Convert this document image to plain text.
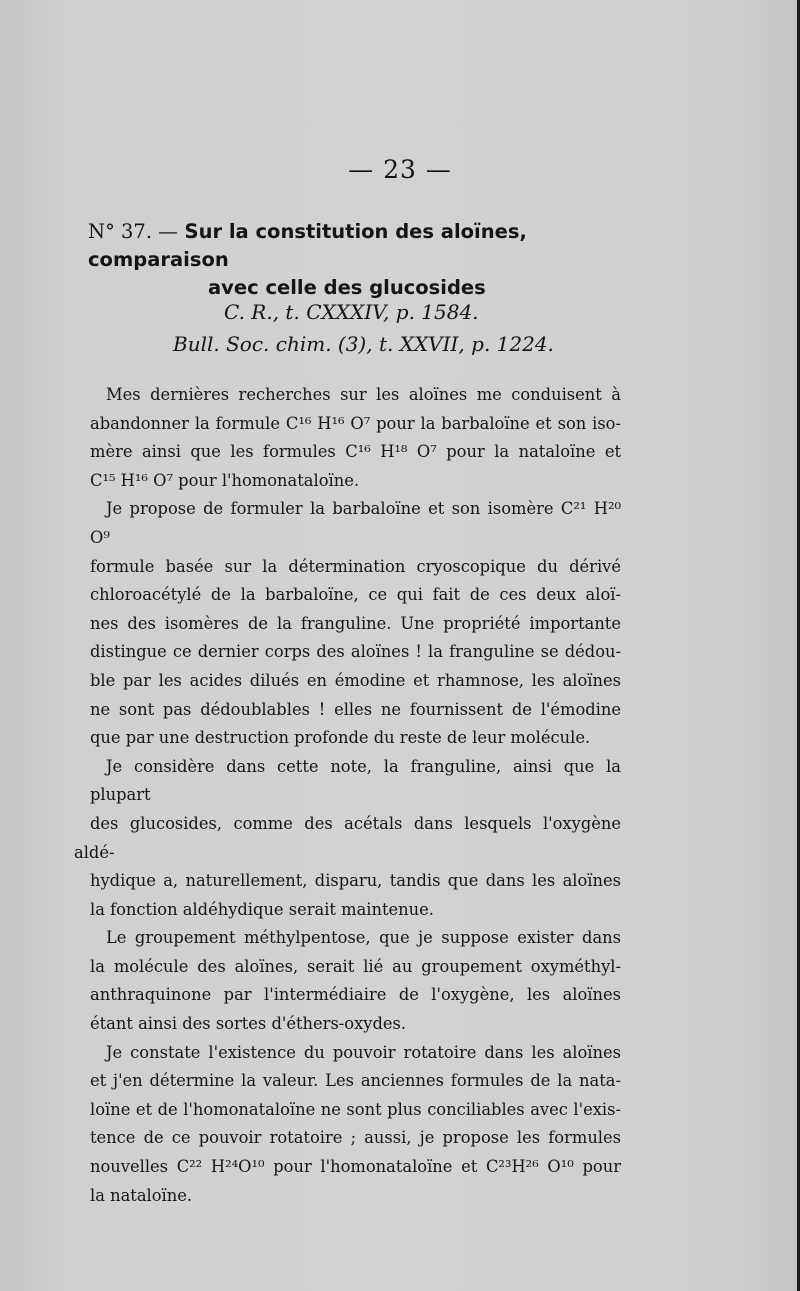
— 23 —
N° 37. — Sur la constitution des aloïnes, comparaison
avec celle des glucosides
C. R., t. CXXXIV, p. 1584.
Bull. Soc. chim. (3), t. XXVII, p. 1224.

Mes dernières recherches sur les aloïnes me conduisent à
abandonner la formule C¹⁶ H¹⁶ O⁷ pour la barbaloïne et son iso-
mère ainsi que les formules C¹⁶ H¹⁸ O⁷ pour la nataloïne et
C¹⁵ H¹⁶ O⁷ pour l'homonataloïne.

Je propose de formuler la barbaloïne et son isomère C²¹ H²⁰ O⁹
formule basée sur la détermination cryoscopique du dérivé
chloroacétylé de la barbaloïne, ce qui fait de ces deux aloï-
nes des isomères de la franguline. Une propriété importante
distingue ce dernier corps des aloïnes ! la franguline se dédou-
ble par les acides dilués en émodine et rhamnose, les aloïnes
ne sont pas dédoublables ! elles ne fournissent de l'émodine
que par une destruction profonde du reste de leur molécule.

Je considère dans cette note, la franguline, ainsi que la plupart
des glucosides, comme des acétals dans lesquels l'oxygène aldé-
hydique a, naturellement, disparu, tandis que dans les aloïnes
la fonction aldéhydique serait maintenue.

Le groupement méthylpentose, que je suppose exister dans
la molécule des aloïnes, serait lié au groupement oxyméthyl-
anthraquinone par l'intermédiaire de l'oxygène, les aloïnes
étant ainsi des sortes d'éthers-oxydes.

Je constate l'existence du pouvoir rotatoire dans les aloïnes
et j'en détermine la valeur. Les anciennes formules de la nata-
loïne et de l'homonataloïne ne sont plus conciliables avec l'exis-
tence de ce pouvoir rotatoire ; aussi, je propose les formules
nouvelles C²² H²⁴O¹⁰ pour l'homonataloïne et C²³H²⁶ O¹⁰ pour
la nataloïne.
